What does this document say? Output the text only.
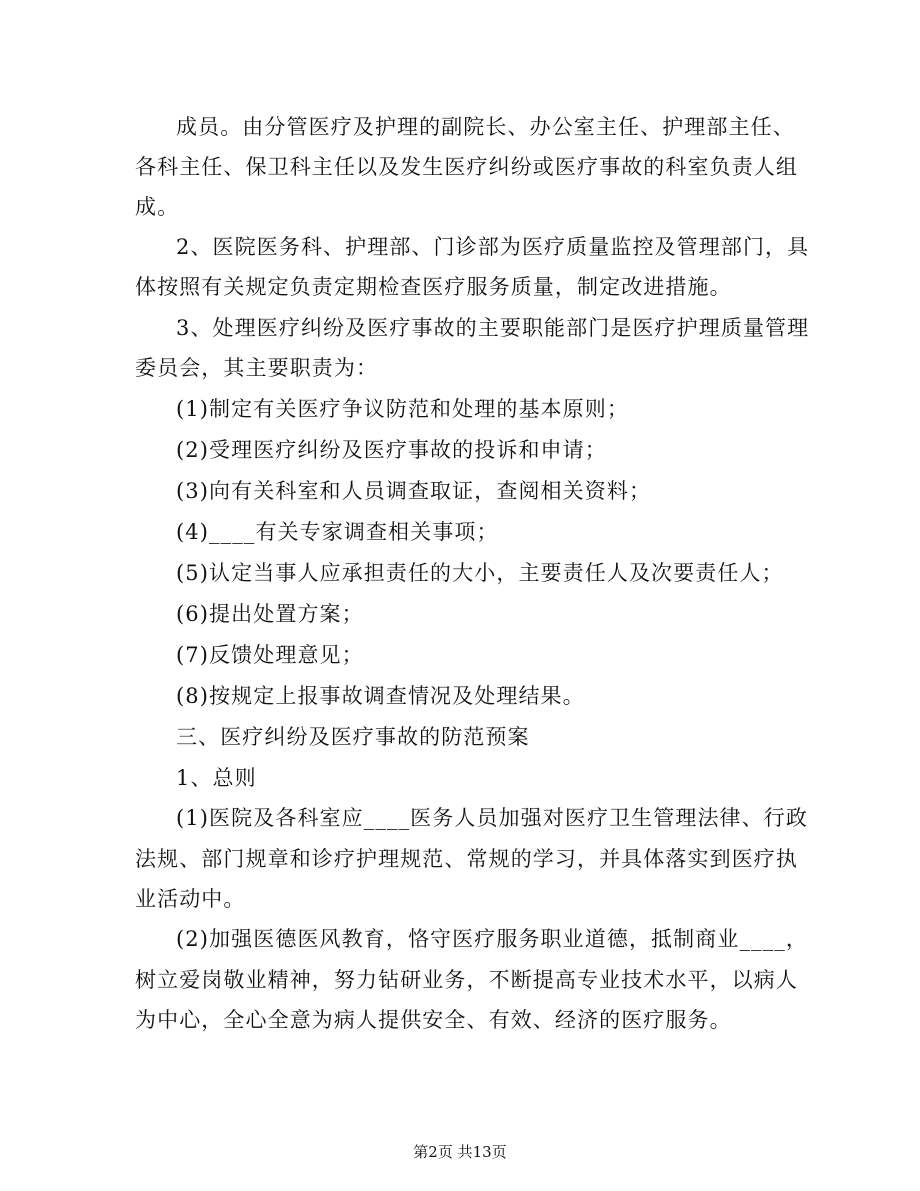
成员。由分管医疗及护理的副院长、办公室主任、护理部主任、
各科主任、保卫科主任以及发生医疗纠纷或医疗事故的科室负责人组
成。
2、医院医务科、护理部、门诊部为医疗质量监控及管理部门，具
体按照有关规定负责定期检查医疗服务质量，制定改进措施。
3、处理医疗纠纷及医疗事故的主要职能部门是医疗护理质量管理
委员会，其主要职责为：
(1)制定有关医疗争议防范和处理的基本原则；
(2)受理医疗纠纷及医疗事故的投诉和申请；
(3)向有关科室和人员调查取证，查阅相关资料；
(4)____有关专家调查相关事项；
(5)认定当事人应承担责任的大小，主要责任人及次要责任人；
(6)提出处置方案；
(7)反馈处理意见；
(8)按规定上报事故调查情况及处理结果。
三、医疗纠纷及医疗事故的防范预案
1、总则
(1)医院及各科室应____医务人员加强对医疗卫生管理法律、行政
法规、部门规章和诊疗护理规范、常规的学习，并具体落实到医疗执
业活动中。
(2)加强医德医风教育，恪守医疗服务职业道德，抵制商业____，
树立爱岗敬业精神，努力钻研业务，不断提高专业技术水平，以病人
为中心，全心全意为病人提供安全、有效、经济的医疗服务。
第2页 共13页
